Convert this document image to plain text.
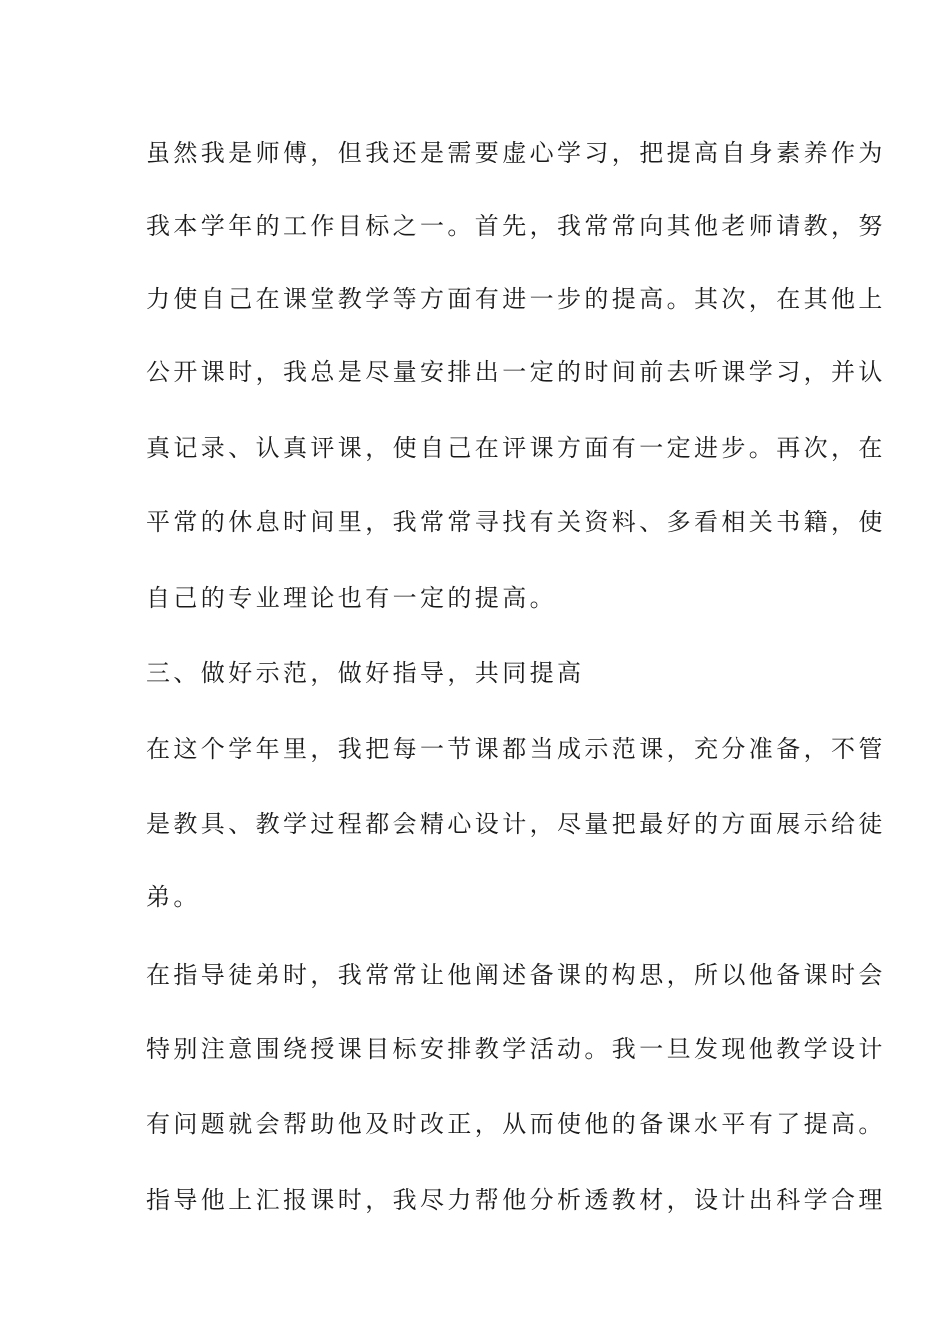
虽然我是师傅，但我还是需要虚心学习，把提高自身素养作为
我本学年的工作目标之一。首先，我常常向其他老师请教，努
力使自己在课堂教学等方面有进一步的提高。其次，在其他上
公开课时，我总是尽量安排出一定的时间前去听课学习，并认
真记录、认真评课，使自己在评课方面有一定进步。再次，在
平常的休息时间里，我常常寻找有关资料、多看相关书籍，使
自己的专业理论也有一定的提高。
三、做好示范，做好指导，共同提高
在这个学年里，我把每一节课都当成示范课，充分准备，不管
是教具、教学过程都会精心设计，尽量把最好的方面展示给徒
弟。
在指导徒弟时，我常常让他阐述备课的构思，所以他备课时会
特别注意围绕授课目标安排教学活动。我一旦发现他教学设计
有问题就会帮助他及时改正，从而使他的备课水平有了提高。
指导他上汇报课时，我尽力帮他分析透教材，设计出科学合理
